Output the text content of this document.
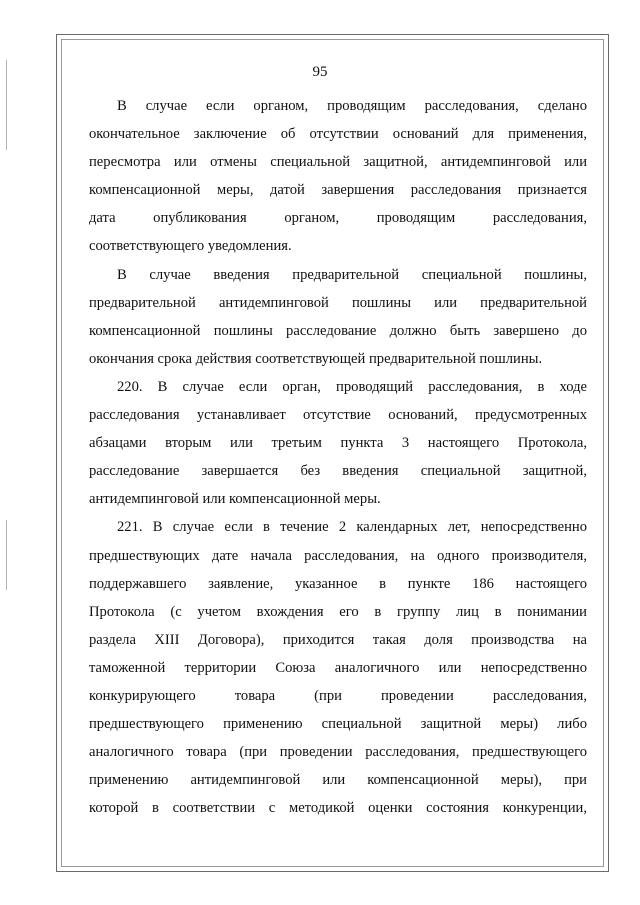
95
В случае если органом, проводящим расследования, сделано
окончательное заключение об отсутствии оснований для применения,
пересмотра или отмены специальной защитной, антидемпинговой или
компенсационной меры, датой завершения расследования признается
дата опубликования органом, проводящим расследования,
соответствующего уведомления.
В случае введения предварительной специальной пошлины,
предварительной антидемпинговой пошлины или предварительной
компенсационной пошлины расследование должно быть завершено до
окончания срока действия соответствующей предварительной пошлины.
220. В случае если орган, проводящий расследования, в ходе
расследования устанавливает отсутствие оснований, предусмотренных
абзацами вторым или третьим пункта 3 настоящего Протокола,
расследование завершается без введения специальной защитной,
антидемпинговой или компенсационной меры.
221. В случае если в течение 2 календарных лет, непосредственно
предшествующих дате начала расследования, на одного производителя,
поддержавшего заявление, указанное в пункте 186 настоящего
Протокола (с учетом вхождения его в группу лиц в понимании
раздела XIII Договора), приходится такая доля производства на
таможенной территории Союза аналогичного или непосредственно
конкурирующего товара (при проведении расследования,
предшествующего применению специальной защитной меры) либо
аналогичного товара (при проведении расследования, предшествующего
применению антидемпинговой или компенсационной меры), при
которой в соответствии с методикой оценки состояния конкуренции,
